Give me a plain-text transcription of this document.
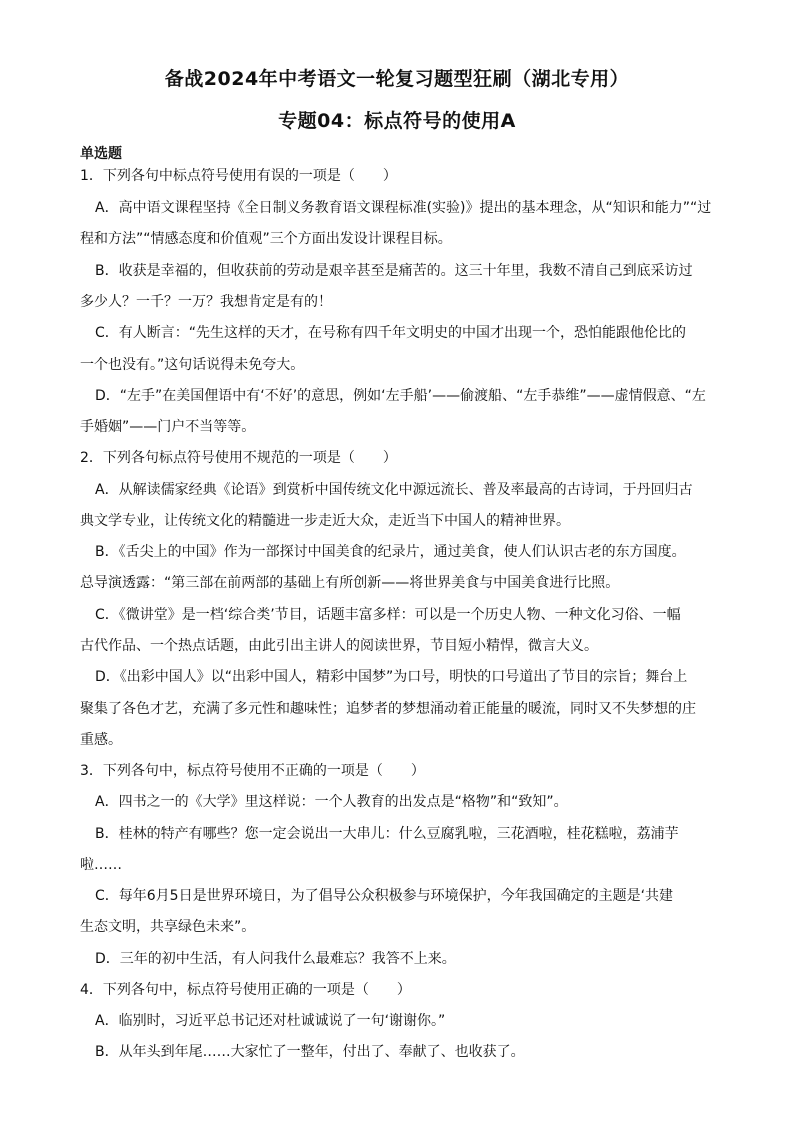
备战2024年中考语文一轮复习题型狂刷（湖北专用）
专题04：标点符号的使用A
单选题
1．下列各句中标点符号使用有误的一项是（　　）
A．高中语文课程坚持《全日制义务教育语文课程标准(实验)》提出的基本理念，从“知识和能力”“过
程和方法”“情感态度和价值观”三个方面出发设计课程目标。
B．收获是幸福的，但收获前的劳动是艰辛甚至是痛苦的。这三十年里，我数不清自己到底采访过
多少人？一千？一万？我想肯定是有的！
C．有人断言：“先生这样的天才，在号称有四千年文明史的中国才出现一个，恐怕能跟他伦比的
一个也没有。”这句话说得未免夸大。
D．“左手”在美国俚语中有‘不好’的意思，例如‘左手船’——偷渡船、“左手恭维”——虚情假意、“左
手婚姻”——门户不当等等。
2．下列各句标点符号使用不规范的一项是（　　）
A．从解读儒家经典《论语》到赏析中国传统文化中源远流长、普及率最高的古诗词，于丹回归古
典文学专业，让传统文化的精髓进一步走近大众，走近当下中国人的精神世界。
B．《舌尖上的中国》作为一部探讨中国美食的纪录片，通过美食，使人们认识古老的东方国度。
总导演透露：“第三部在前两部的基础上有所创新——将世界美食与中国美食进行比照。
C．《微讲堂》是一档‘综合类’节目，话题丰富多样：可以是一个历史人物、一种文化习俗、一幅
古代作品、一个热点话题，由此引出主讲人的阅读世界，节目短小精悍，微言大义。
D．《出彩中国人》以“出彩中国人，精彩中国梦”为口号，明快的口号道出了节目的宗旨；舞台上
聚集了各色才艺，充满了多元性和趣味性；追梦者的梦想涌动着正能量的暖流，同时又不失梦想的庄
重感。
3．下列各句中，标点符号使用不正确的一项是（　　）
A．四书之一的《大学》里这样说：一个人教育的出发点是“格物”和“致知”。
B．桂林的特产有哪些？您一定会说出一大串儿：什么豆腐乳啦，三花酒啦，桂花糕啦，荔浦芋
啦……
C．每年6月5日是世界环境日，为了倡导公众积极参与环境保护，今年我国确定的主题是‘共建
生态文明，共享绿色未来”。
D．三年的初中生活，有人问我什么最难忘？我答不上来。
4．下列各句中，标点符号使用正确的一项是（　　）
A．临别时，习近平总书记还对杜诚诚说了一句‘谢谢你。”
B．从年头到年尾……大家忙了一整年，付出了、奉献了、也收获了。
